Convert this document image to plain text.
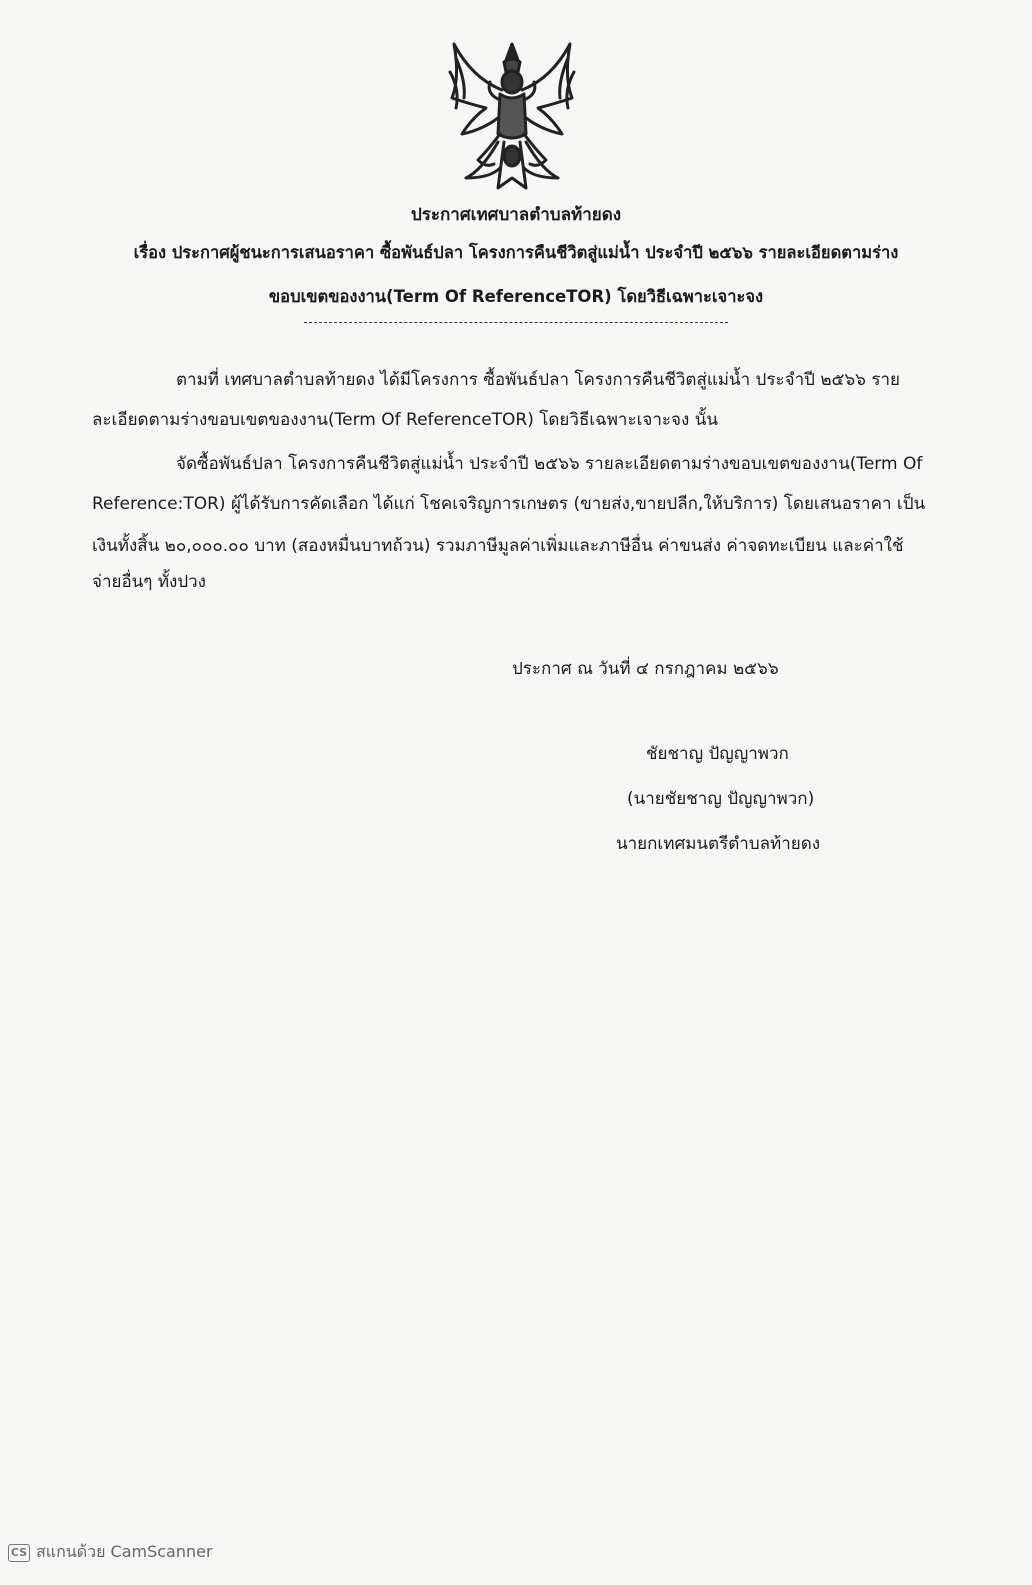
ประกาศเทศบาลตำบลท้ายดง
เรื่อง ประกาศผู้ชนะการเสนอราคา ซื้อพันธ์ปลา โครงการคืนชีวิตสู่แม่น้ำ ประจำปี ๒๕๖๖ รายละเอียดตามร่าง
ขอบเขตของงาน(Term Of ReferenceTOR) โดยวิธีเฉพาะเจาะจง
ตามที่ เทศบาลตำบลท้ายดง ได้มีโครงการ ซื้อพันธ์ปลา โครงการคืนชีวิตสู่แม่น้ำ ประจำปี ๒๕๖๖ ราย
ละเอียดตามร่างขอบเขตของงาน(Term Of ReferenceTOR) โดยวิธีเฉพาะเจาะจง นั้น
จัดซื้อพันธ์ปลา โครงการคืนชีวิตสู่แม่น้ำ ประจำปี ๒๕๖๖ รายละเอียดตามร่างขอบเขตของงาน(Term Of
Reference:TOR) ผู้ได้รับการคัดเลือก ได้แก่ โชคเจริญการเกษตร (ขายส่ง,ขายปลีก,ให้บริการ) โดยเสนอราคา เป็น
เงินทั้งสิ้น ๒๐,๐๐๐.๐๐ บาท (สองหมื่นบาทถ้วน) รวมภาษีมูลค่าเพิ่มและภาษีอื่น ค่าขนส่ง ค่าจดทะเบียน และค่าใช้
จ่ายอื่นๆ ทั้งปวง
ประกาศ ณ วันที่ ๔ กรกฎาคม ๒๕๖๖
ชัยชาญ ปัญญาพวก
(นายชัยชาญ ปัญญาพวก)
นายกเทศมนตรีตำบลท้ายดง
CS สแกนด้วย CamScanner
